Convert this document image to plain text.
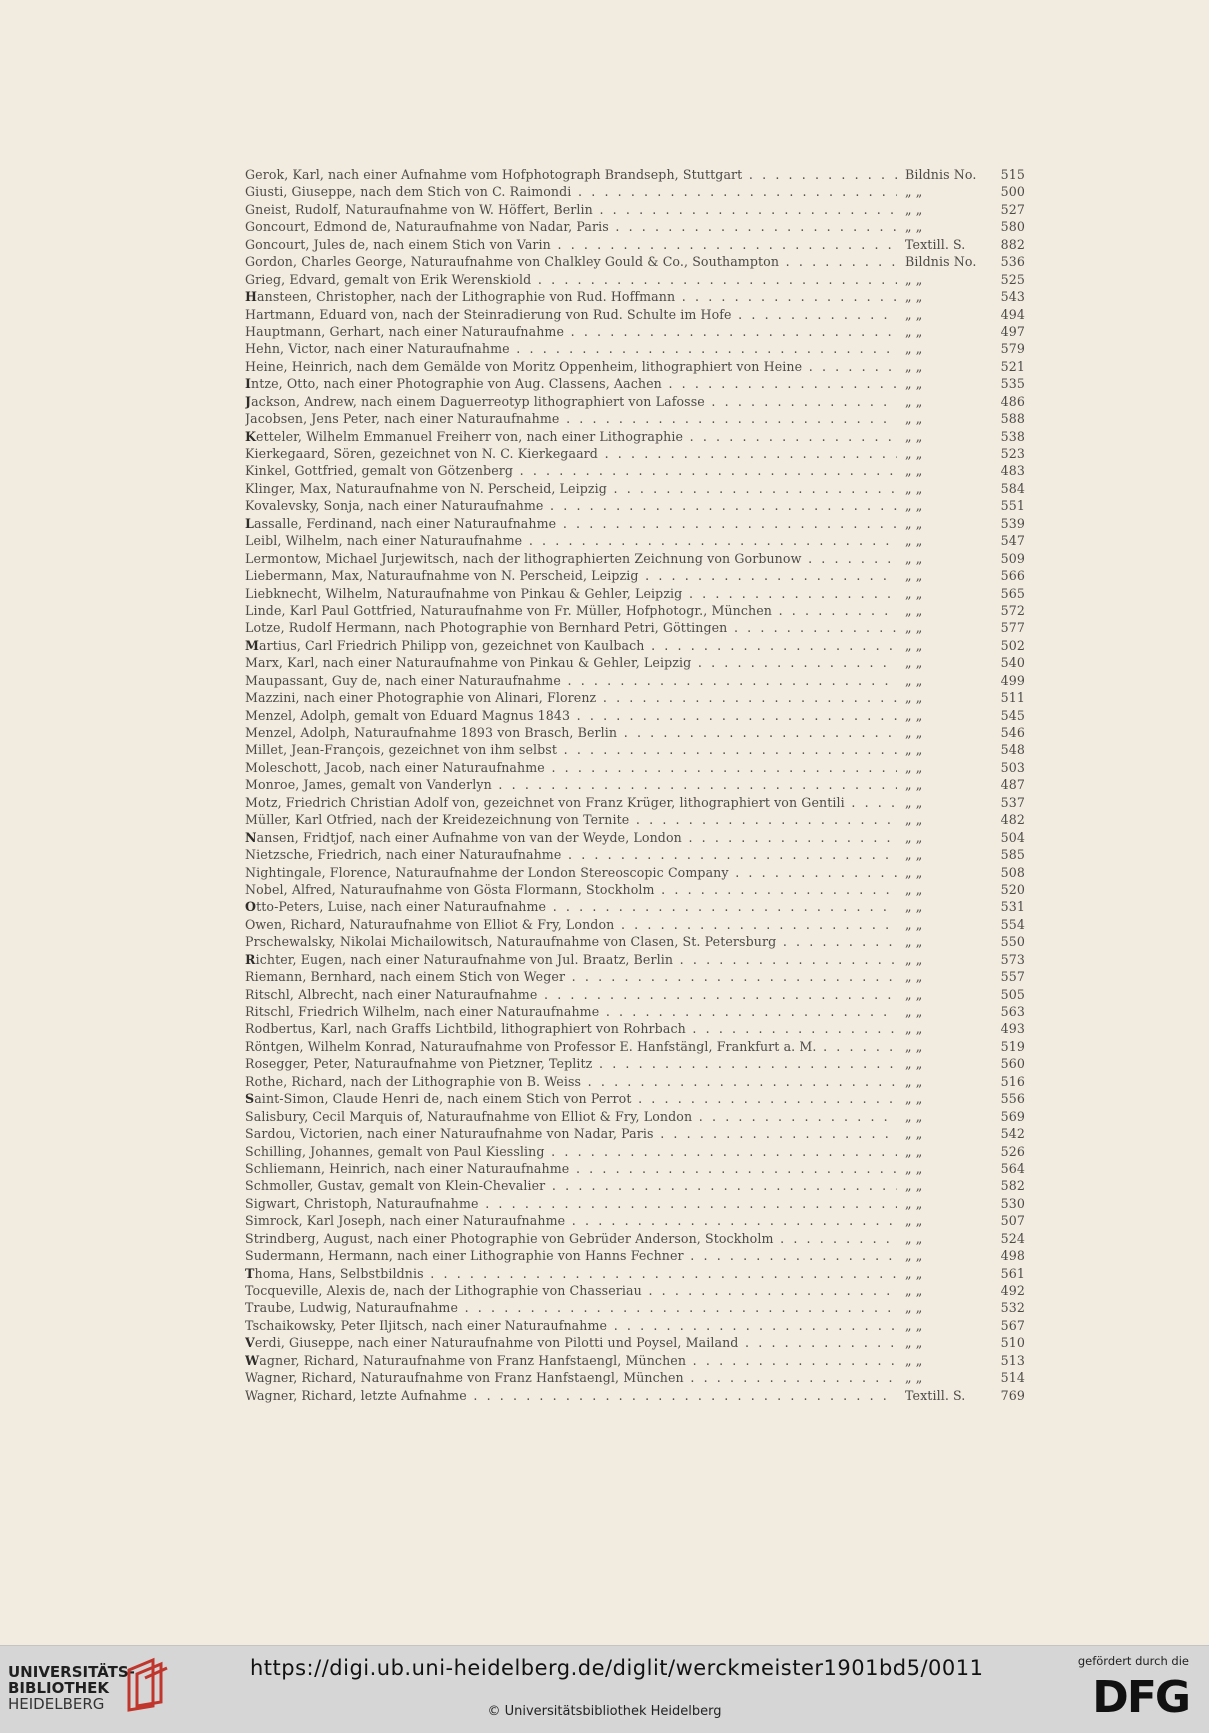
Gerok, Karl, nach einer Aufnahme vom Hofphotograph Brandseph, Stuttgart . . .	Bildnis No.	515
Giusti, Giuseppe, nach dem Stich von C. Raimondi . . .	„ „	500
Gneist, Rudolf, Naturaufnahme von W. Höffert, Berlin . . .	„ „	527
Goncourt, Edmond de, Naturaufnahme von Nadar, Paris . . .	„ „	580
Goncourt, Jules de, nach einem Stich von Varin . . .	Textill. S.	882
Gordon, Charles George, Naturaufnahme von Chalkley Gould & Co., Southampton . . .	Bildnis No.	536
Grieg, Edvard, gemalt von Erik Werenskiold . . .	„ „	525
Hansteen, Christopher, nach der Lithographie von Rud. Hoffmann . . .	„ „	543
Hartmann, Eduard von, nach der Steinradierung von Rud. Schulte im Hofe . . .	„ „	494
Hauptmann, Gerhart, nach einer Naturaufnahme . . .	„ „	497
Hehn, Victor, nach einer Naturaufnahme . . .	„ „	579
Heine, Heinrich, nach dem Gemälde von Moritz Oppenheim, lithographiert von Heine . . .	„ „	521
Intze, Otto, nach einer Photographie von Aug. Classens, Aachen . . .	„ „	535
Jackson, Andrew, nach einem Daguerreotyp lithographiert von Lafosse . . .	„ „	486
Jacobsen, Jens Peter, nach einer Naturaufnahme . . .	„ „	588
Ketteler, Wilhelm Emmanuel Freiherr von, nach einer Lithographie . . .	„ „	538
Kierkegaard, Sören, gezeichnet von N. C. Kierkegaard . . .	„ „	523
Kinkel, Gottfried, gemalt von Götzenberg . . .	„ „	483
Klinger, Max, Naturaufnahme von N. Perscheid, Leipzig . . .	„ „	584
Kovalevsky, Sonja, nach einer Naturaufnahme . . .	„ „	551
Lassalle, Ferdinand, nach einer Naturaufnahme . . .	„ „	539
Leibl, Wilhelm, nach einer Naturaufnahme . . .	„ „	547
Lermontow, Michael Jurjewitsch, nach der lithographierten Zeichnung von Gorbunow . . .	„ „	509
Liebermann, Max, Naturaufnahme von N. Perscheid, Leipzig . . .	„ „	566
Liebknecht, Wilhelm, Naturaufnahme von Pinkau & Gehler, Leipzig . . .	„ „	565
Linde, Karl Paul Gottfried, Naturaufnahme von Fr. Müller, Hofphotogr., München . . .	„ „	572
Lotze, Rudolf Hermann, nach Photographie von Bernhard Petri, Göttingen . . .	„ „	577
Martius, Carl Friedrich Philipp von, gezeichnet von Kaulbach . . .	„ „	502
Marx, Karl, nach einer Naturaufnahme von Pinkau & Gehler, Leipzig . . .	„ „	540
Maupassant, Guy de, nach einer Naturaufnahme . . .	„ „	499
Mazzini, nach einer Photographie von Alinari, Florenz . . .	„ „	511
Menzel, Adolph, gemalt von Eduard Magnus 1843 . . .	„ „	545
Menzel, Adolph, Naturaufnahme 1893 von Brasch, Berlin . . .	„ „	546
Millet, Jean-François, gezeichnet von ihm selbst . . .	„ „	548
Moleschott, Jacob, nach einer Naturaufnahme . . .	„ „	503
Monroe, James, gemalt von Vanderlyn . . .	„ „	487
Motz, Friedrich Christian Adolf von, gezeichnet von Franz Krüger, lithographiert von Gentili . . .	„ „	537
Müller, Karl Otfried, nach der Kreidezeichnung von Ternite . . .	„ „	482
Nansen, Fridtjof, nach einer Aufnahme von van der Weyde, London . . .	„ „	504
Nietzsche, Friedrich, nach einer Naturaufnahme . . .	„ „	585
Nightingale, Florence, Naturaufnahme der London Stereoscopic Company . . .	„ „	508
Nobel, Alfred, Naturaufnahme von Gösta Flormann, Stockholm . . .	„ „	520
Otto-Peters, Luise, nach einer Naturaufnahme . . .	„ „	531
Owen, Richard, Naturaufnahme von Elliot & Fry, London . . .	„ „	554
Prschewalsky, Nikolai Michailowitsch, Naturaufnahme von Clasen, St. Petersburg . . .	„ „	550
Richter, Eugen, nach einer Naturaufnahme von Jul. Braatz, Berlin . . .	„ „	573
Riemann, Bernhard, nach einem Stich von Weger . . .	„ „	557
Ritschl, Albrecht, nach einer Naturaufnahme . . .	„ „	505
Ritschl, Friedrich Wilhelm, nach einer Naturaufnahme . . .	„ „	563
Rodbertus, Karl, nach Graffs Lichtbild, lithographiert von Rohrbach . . .	„ „	493
Röntgen, Wilhelm Konrad, Naturaufnahme von Professor E. Hanfstängl, Frankfurt a. M. . . .	„ „	519
Rosegger, Peter, Naturaufnahme von Pietzner, Teplitz . . .	„ „	560
Rothe, Richard, nach der Lithographie von B. Weiss . . .	„ „	516
Saint-Simon, Claude Henri de, nach einem Stich von Perrot . . .	„ „	556
Salisbury, Cecil Marquis of, Naturaufnahme von Elliot & Fry, London . . .	„ „	569
Sardou, Victorien, nach einer Naturaufnahme von Nadar, Paris . . .	„ „	542
Schilling, Johannes, gemalt von Paul Kiessling . . .	„ „	526
Schliemann, Heinrich, nach einer Naturaufnahme . . .	„ „	564
Schmoller, Gustav, gemalt von Klein-Chevalier . . .	„ „	582
Sigwart, Christoph, Naturaufnahme . . .	„ „	530
Simrock, Karl Joseph, nach einer Naturaufnahme . . .	„ „	507
Strindberg, August, nach einer Photographie von Gebrüder Anderson, Stockholm . . .	„ „	524
Sudermann, Hermann, nach einer Lithographie von Hanns Fechner . . .	„ „	498
Thoma, Hans, Selbstbildnis . . .	„ „	561
Tocqueville, Alexis de, nach der Lithographie von Chasseriau . . .	„ „	492
Traube, Ludwig, Naturaufnahme . . .	„ „	532
Tschaikowsky, Peter Iljitsch, nach einer Naturaufnahme . . .	„ „	567
Verdi, Giuseppe, nach einer Naturaufnahme von Pilotti und Poysel, Mailand . . .	„ „	510
Wagner, Richard, Naturaufnahme von Franz Hanfstaengl, München . . .	„ „	513
Wagner, Richard, Naturaufnahme von Franz Hanfstaengl, München . . .	„ „	514
Wagner, Richard, letzte Aufnahme . . .	Textill. S.	769
UNIVERSITÄTS-
BIBLIOTHEK
HEIDELBERG
https://digi.ub.uni-heidelberg.de/diglit/werckmeister1901bd5/0011
© Universitätsbibliothek Heidelberg
gefördert durch die
DFG
